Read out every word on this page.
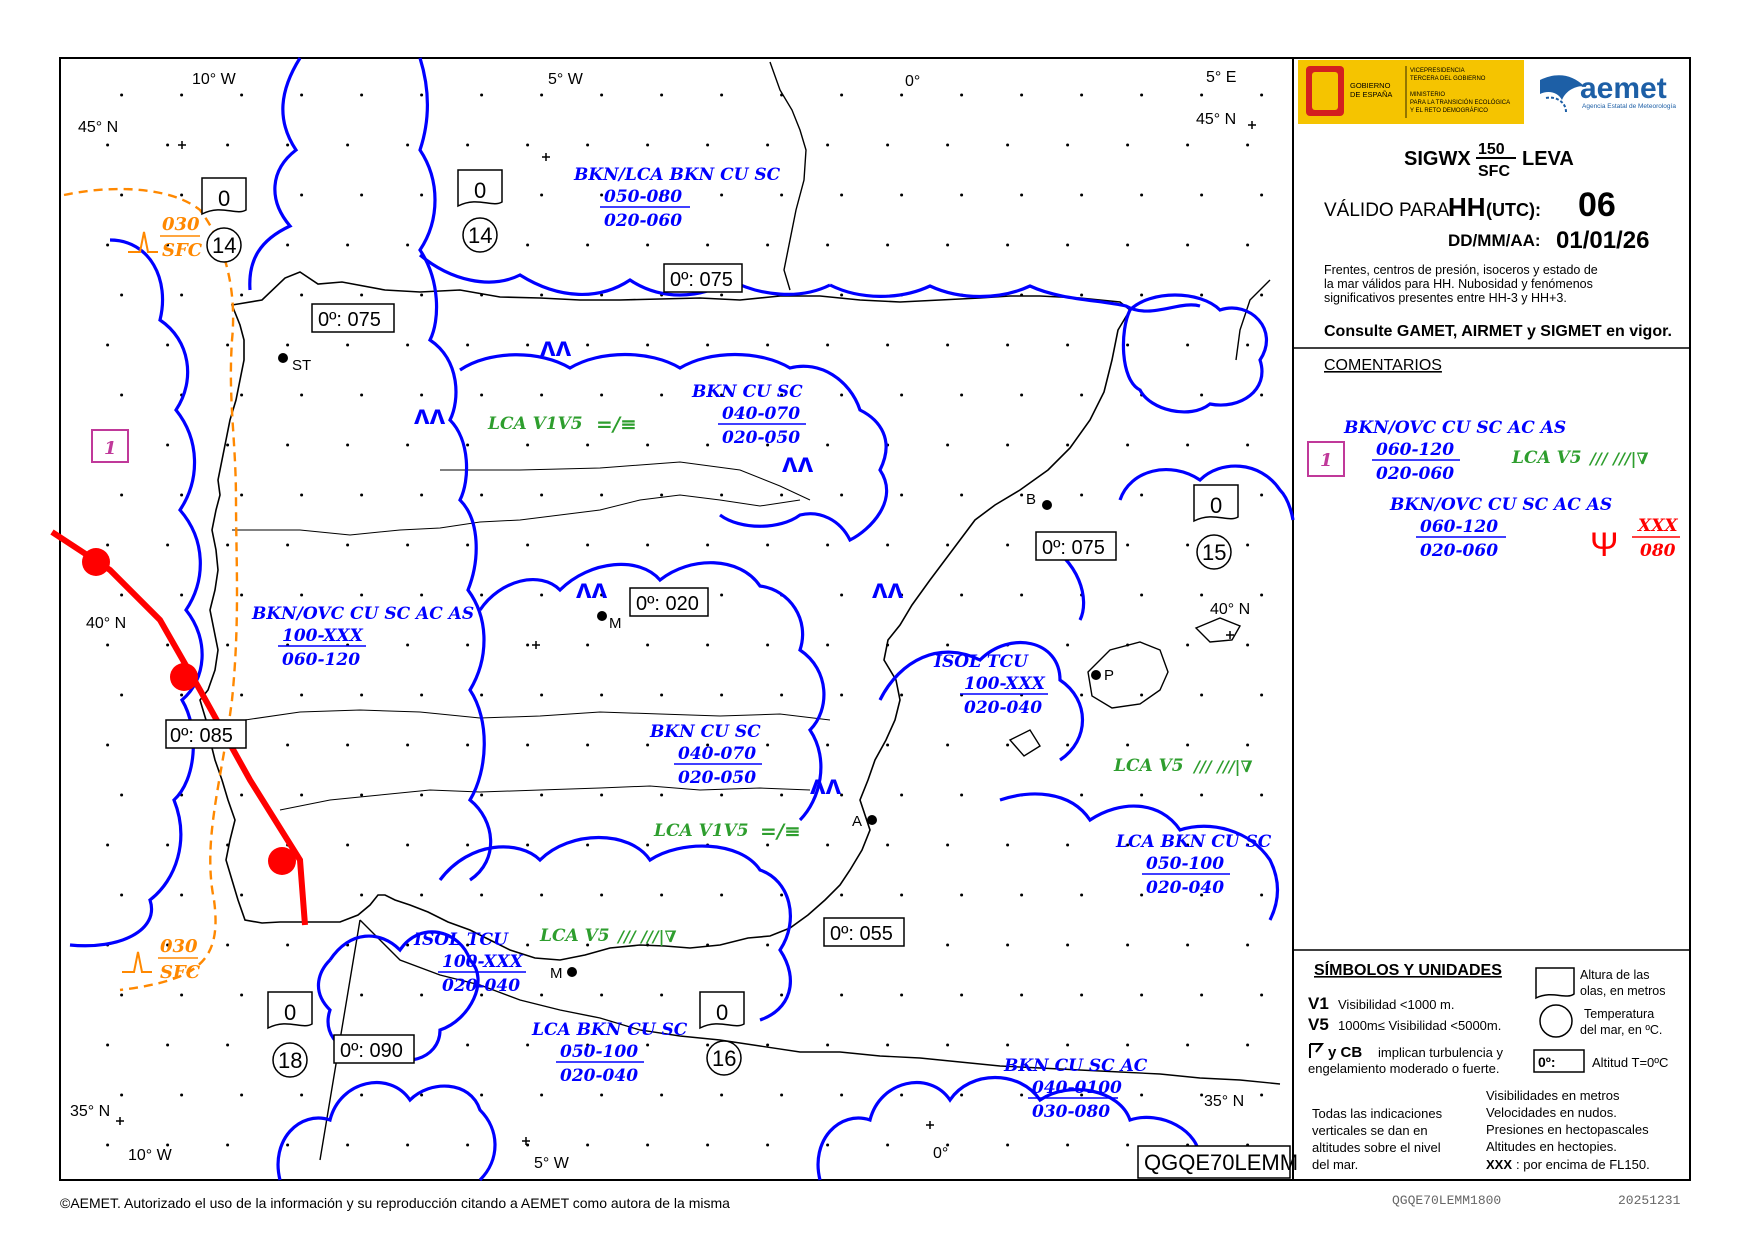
10° W	5° W	0°	5° E
45° N	45° N
40° N
40° N
35° N
35° N
10° W	5° W
0°
ST
M
B
P
A
M
0º: 075
0º: 075
0º: 020
0º: 075
0º: 085
0º: 055
0º: 090
0
14
0
14
0
15
0
18
0
16
030
SFC
030
SFC
1
ʌʌ
ʌʌ
ʌʌ
ʌʌ	ʌʌ
ʌʌ
BKN/LCA BKN CU SC
050-080
020-060
BKN CU SC
040-070
020-050
BKN/OVC CU SC AC AS
100-XXX
060-120	ISOL TCU
100-XXX
020-040
BKN CU SC
040-070
020-050
LCA BKN CU SC
050-100
020-040
ISOL TCU
100-XXX
020-040
LCA BKN CU SC
050-100
020-040	BKN CU SC AC
040-0100
030-080
LCA V1V5 =/≡
LCA V1V5 =/≡
LCA V5 /// ///|∇
LCA V5 /// ///|∇
QGQE70LEMM
GOBIERNO
DE ESPAÑA
VICEPRESIDENCIA
TERCERA DEL GOBIERNO
MINISTERIO
PARA LA TRANSICIÓN ECOLÓGICA
Y EL RETO DEMOGRÁFICO
aemet
Agencia Estatal de Meteorología
SIGWX 150
SFC
LEVA
VÁLIDO PARA
HH (UTC): 06
DD/MM/AA: 01/01/26
Frentes, centros de presión, isoceros y estado de
la mar válidos para HH. Nubosidad y fenómenos
significativos presentes entre HH-3 y HH+3.
Consulte GAMET, AIRMET y SIGMET en vigor.
COMENTARIOS
BKN/OVC CU SC AC AS
060-120
020-060
BKN/OVC CU SC AC AS
060-120
020-060
1	LCA V5 /// ///|∇
Ψ XXX
080
SÍMBOLOS Y UNIDADES
V1 Visibilidad <1000 m.
V5 1000m≤ Visibilidad <5000m.
y CB implican turbulencia y
engelamiento moderado o fuerte.
Altura de las
olas, en metros
Temperatura
del mar, en ºC.
0º:	Altitud T=0ºC
Todas las indicaciones
verticales se dan en
altitudes sobre el nivel
del mar.
Visibilidades en metros
Velocidades en nudos.
Presiones en hectopascales
Altitudes en hectopies.
XXX : por encima de FL150.
©AEMET. Autorizado el uso de la información y su reproducción citando a AEMET como autora de la misma	QGQE70LEMM1800	20251231
